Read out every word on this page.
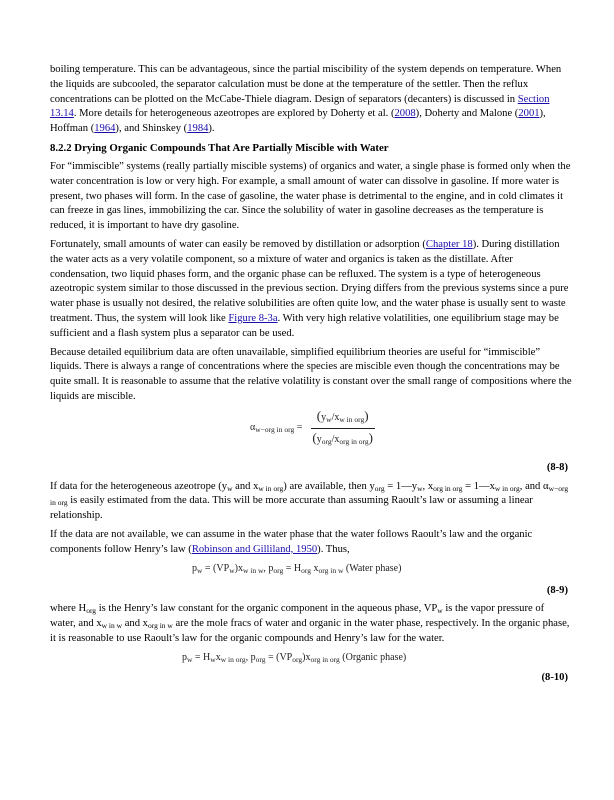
boiling temperature. This can be advantageous, since the partial miscibility of the system depends on temperature. When the liquids are subcooled, the separator calculation must be done at the temperature of the settler. Then the reflux concentrations can be plotted on the McCabe-Thiele diagram. Design of separators (decanters) is discussed in Section 13.14. More details for heterogeneous azeotropes are explored by Doherty et al. (2008), Doherty and Malone (2001), Hoffman (1964), and Shinskey (1984).

8.2.2 Drying Organic Compounds That Are Partially Miscible with Water

For “immiscible” systems (really partially miscible systems) of organics and water, a single phase is formed only when the water concentration is low or very high. For example, a small amount of water can dissolve in gasoline. If more water is present, two phases will form. In the case of gasoline, the water phase is detrimental to the engine, and in cold climates it can freeze in gas lines, immobilizing the car. Since the solubility of water in gasoline decreases as the temperature is reduced, it is important to have dry gasoline.

Fortunately, small amounts of water can easily be removed by distillation or adsorption (Chapter 18). During distillation the water acts as a very volatile component, so a mixture of water and organics is taken as the distillate. After condensation, two liquid phases form, and the organic phase can be refluxed. The system is a type of heterogeneous azeotropic system similar to those discussed in the previous section. Drying differs from the previous systems since a pure water phase is usually not desired, the relative solubilities are often quite low, and the water phase is usually sent to waste treatment. Thus, the system will look like Figure 8-3a. With very high relative volatilities, one equilibrium stage may be sufficient and a flash system plus a separator can be used.

Because detailed equilibrium data are often unavailable, simplified equilibrium theories are useful for “immiscible” liquids. There is always a range of concentrations where the species are miscible even though the concentrations may be quite small. It is reasonable to assume that the relative volatility is constant over the small range of compositions where the liquids are miscible.

$\alpha_{w-org in org} = \frac{(y_w/x_{w in org})}{(y_{org}/x_{org in org})}$
(8-8)

If data for the heterogeneous azeotrope ($y_w$ and $x_{w in org}$) are available, then $y_{org}$ = $1—y_w$, $x_{org in org}$ = $1—x_{w in org}$, and $\alpha_{w-org in org}$ is easily estimated from the data. This will be more accurate than assuming Raoult’s law or assuming a linear relationship.

If the data are not available, we can assume in the water phase that the water follows Raoult’s law and the organic components follow Henry’s law (Robinson and Gilliland, 1950). Thus,

$p_w = (VP_w)x_{w in w}$, $p_{org} = H_{org}$ $x_{org in w}$ (Water phase)
(8-9)

where $H_{org}$ is the Henry’s law constant for the organic component in the aqueous phase, $VP_w$ is the vapor pressure of water, and $x_{w in w}$ and $x_{org in w}$ are the mole fracs of water and organic in the water phase, respectively. In the organic phase, it is reasonable to use Raoult’s law for the organic compounds and Henry’s law for the water.

$p_w = H_wx_{w in org}$, $p_{org} = (VP_{org})x_{org in org}$ (Organic phase)
(8-10)
